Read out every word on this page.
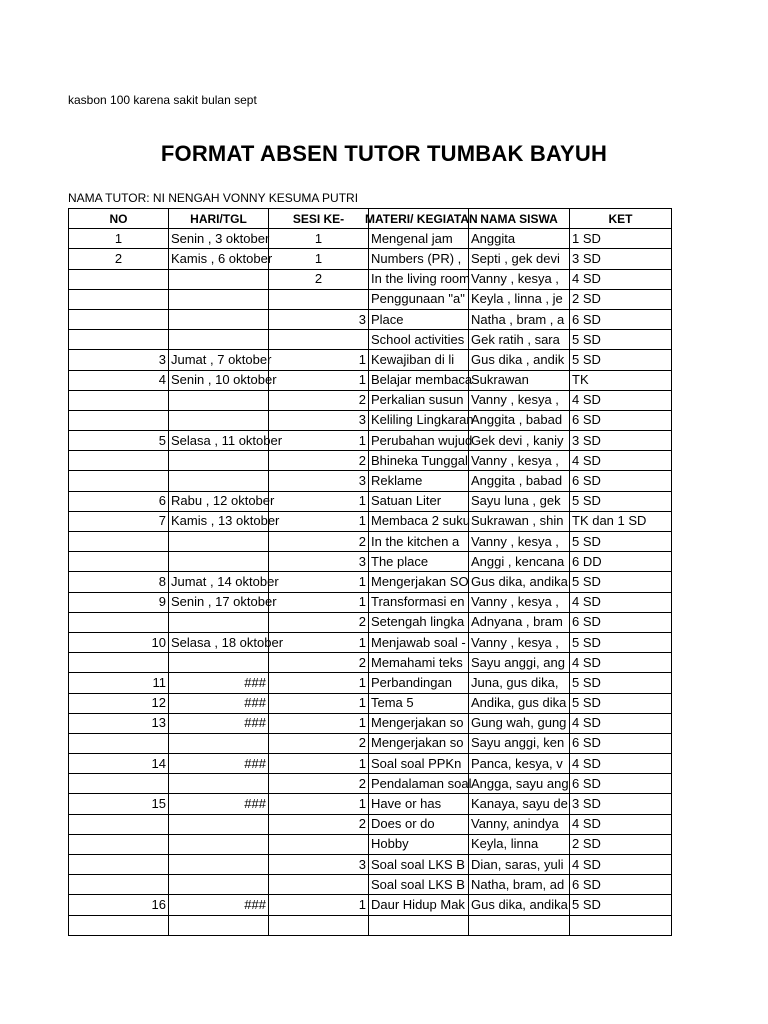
kasbon 100 karena sakit bulan sept
FORMAT ABSEN TUTOR TUMBAK BAYUH
NAMA TUTOR: NI NENGAH VONNY KESUMA PUTRI
NO	HARI/TGL	SESI KE-	MATERI/ KEGIATAN	NAMA SISWA	KET
1	Senin , 3 oktober	1	Mengenal jam	Anggita	1 SD
2	Kamis , 6 oktober	1	Numbers (PR) ,	Septi , gek devi	3 SD
		2	In the living room	Vanny , kesya ,	4 SD
			Penggunaan "a"	Keyla , linna , je	2 SD
		3	Place	Natha , bram , a	6 SD
			School activities	Gek ratih , sara	5 SD
3	Jumat , 7 oktober	1	Kewajiban di li	Gus dika , andik	5 SD
4	Senin , 10 oktober	1	Belajar membaca	Sukrawan	TK
		2	Perkalian susun	Vanny , kesya ,	4 SD
		3	Keliling Lingkaran	Anggita , babad	6 SD
5	Selasa , 11 oktober	1	Perubahan wujud	Gek devi , kaniy	3 SD
		2	Bhineka Tunggal	Vanny , kesya ,	4 SD
		3	Reklame	Anggita , babad	6 SD
6	Rabu , 12 oktober	1	Satuan Liter	Sayu luna , gek	5 SD
7	Kamis , 13 oktober	1	Membaca 2 suku	Sukrawan , shin	TK dan 1 SD
		2	In the kitchen a	Vanny , kesya ,	5 SD
		3	The place	Anggi , kencana	6 DD
8	Jumat , 14 oktober	1	Mengerjakan SO	Gus dika, andika	5 SD
9	Senin , 17 oktober	1	Transformasi en	Vanny , kesya ,	4 SD
		2	Setengah lingka	Adnyana , bram	6 SD
10	Selasa , 18 oktober	1	Menjawab soal -	Vanny , kesya ,	5 SD
		2	Memahami teks	Sayu anggi, ang	4 SD
11	###	1	Perbandingan	Juna, gus dika,	5 SD
12	###	1	Tema 5	Andika, gus dika	5 SD
13	###	1	Mengerjakan so	Gung wah, gung	4 SD
		2	Mengerjakan so	Sayu anggi, ken	6 SD
14	###	1	Soal soal PPKn	Panca, kesya, v	4 SD
		2	Pendalaman soal	Angga, sayu ang	6 SD
15	###	1	Have or has	Kanaya, sayu de	3 SD
		2	Does or do	Vanny, anindya	4 SD
			Hobby	Keyla, linna	2 SD
		3	Soal soal LKS B	Dian, saras, yuli	4 SD
			Soal soal LKS B	Natha, bram, ad	6 SD
16	###	1	Daur Hidup Mak	Gus dika, andika	5 SD
